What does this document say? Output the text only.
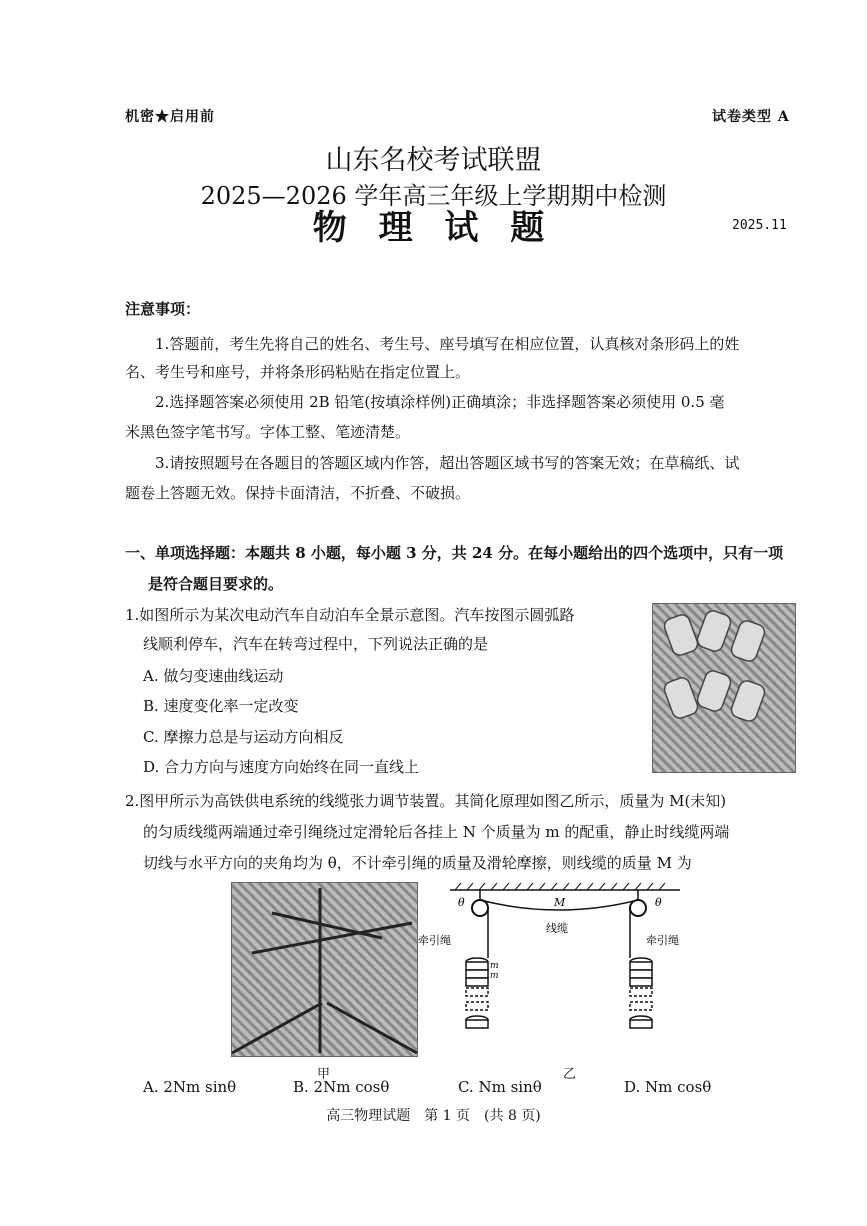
机密★启用前	试卷类型 A
山东名校考试联盟
2025—2026 学年高三年级上学期期中检测
物 理 试 题	2025.11
注意事项：
1.答题前，考生先将自己的姓名、考生号、座号填写在相应位置，认真核对条形码上的姓
名、考生号和座号，并将条形码粘贴在指定位置上。
2.选择题答案必须使用 2B 铅笔(按填涂样例)正确填涂；非选择题答案必须使用 0.5 毫
米黑色签字笔书写。字体工整、笔迹清楚。
3.请按照题号在各题目的答题区域内作答，超出答题区域书写的答案无效；在草稿纸、试
题卷上答题无效。保持卡面清洁，不折叠、不破损。
一、单项选择题：本题共 8 小题，每小题 3 分，共 24 分。在每小题给出的四个选项中，只有一项
是符合题目要求的。
1.如图所示为某次电动汽车自动泊车全景示意图。汽车按图示圆弧路
线顺利停车，汽车在转弯过程中，下列说法正确的是
A. 做匀变速曲线运动
B. 速度变化率一定改变
C. 摩擦力总是与运动方向相反
D. 合力方向与速度方向始终在同一直线上
2.图甲所示为高铁供电系统的线缆张力调节装置。其简化原理如图乙所示，质量为 M(未知)
的匀质线缆两端通过牵引绳绕过定滑轮后各挂上 N 个质量为 m 的配重，静止时线缆两端
切线与水平方向的夹角均为 θ，不计牵引绳的质量及滑轮摩擦，则线缆的质量 M 为
甲
θ	θ
M
线缆
牵引绳	牵引绳
m
m
乙
A. 2Nm sinθ	B. 2Nm cosθ	C. Nm sinθ	D. Nm cosθ
高三物理试题　第 1 页　(共 8 页)
